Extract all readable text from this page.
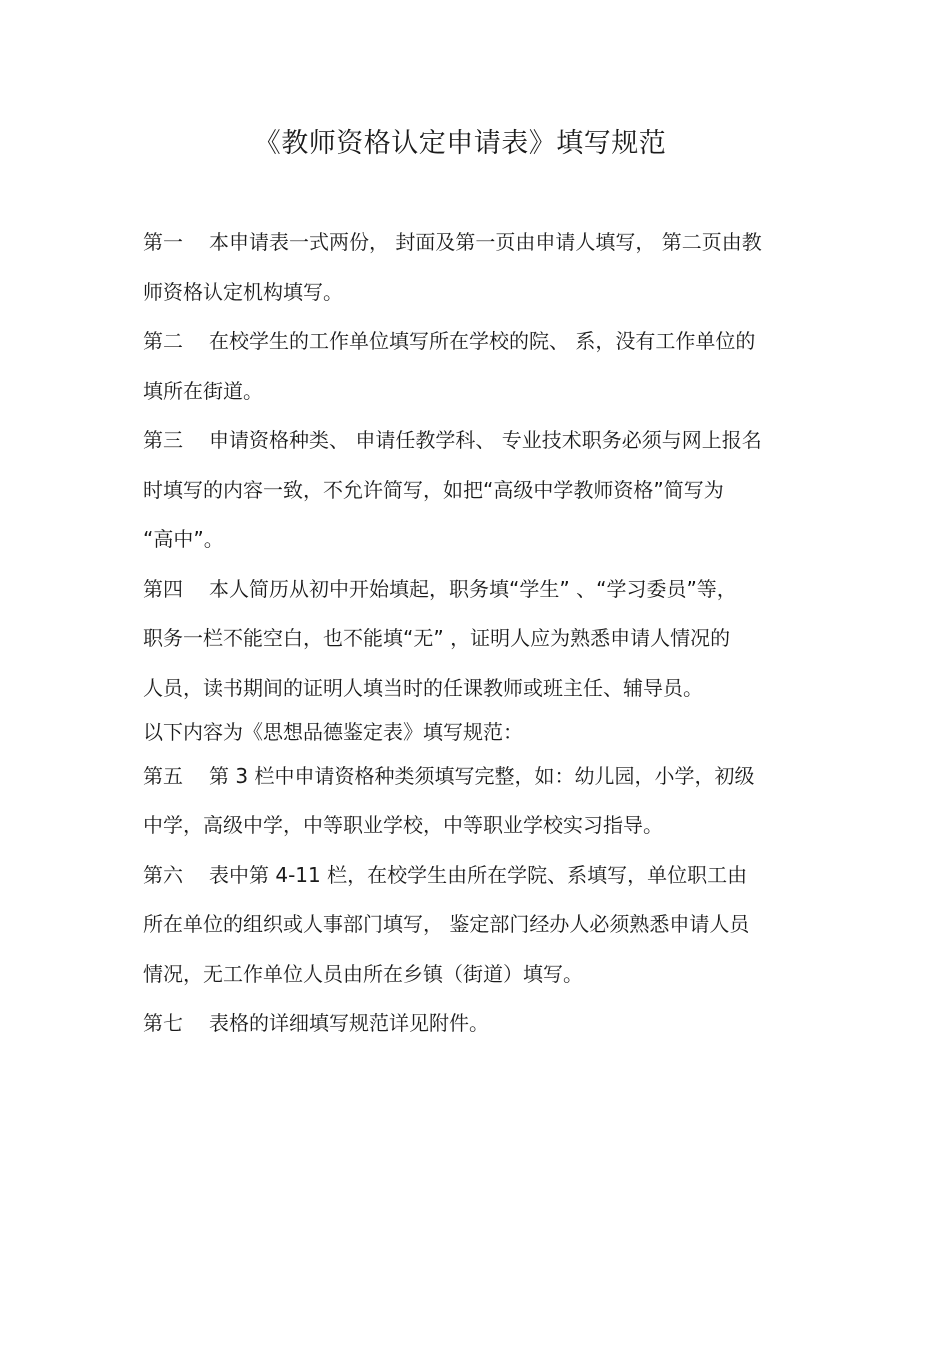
《教师资格认定申请表》填写规范
第一 本申请表一式两份， 封面及第一页由申请人填写， 第二页由教
师资格认定机构填写。
第二 在校学生的工作单位填写所在学校的院、 系，没有工作单位的
填所在街道。
第三 申请资格种类、 申请任教学科、 专业技术职务必须与网上报名
时填写的内容一致，不允许简写，如把“高级中学教师资格”简写为
“高中”。
第四 本人简历从初中开始填起，职务填“学生” 、“学习委员”等，
职务一栏不能空白，也不能填“无” ，证明人应为熟悉申请人情况的
人员，读书期间的证明人填当时的任课教师或班主任、辅导员。
以下内容为《思想品德鉴定表》填写规范：
第五 第 3 栏中申请资格种类须填写完整，如：幼儿园，小学，初级
中学，高级中学，中等职业学校，中等职业学校实习指导。
第六 表中第 4-11 栏，在校学生由所在学院、系填写，单位职工由
所在单位的组织或人事部门填写， 鉴定部门经办人必须熟悉申请人员
情况，无工作单位人员由所在乡镇（街道）填写。
第七 表格的详细填写规范详见附件。
